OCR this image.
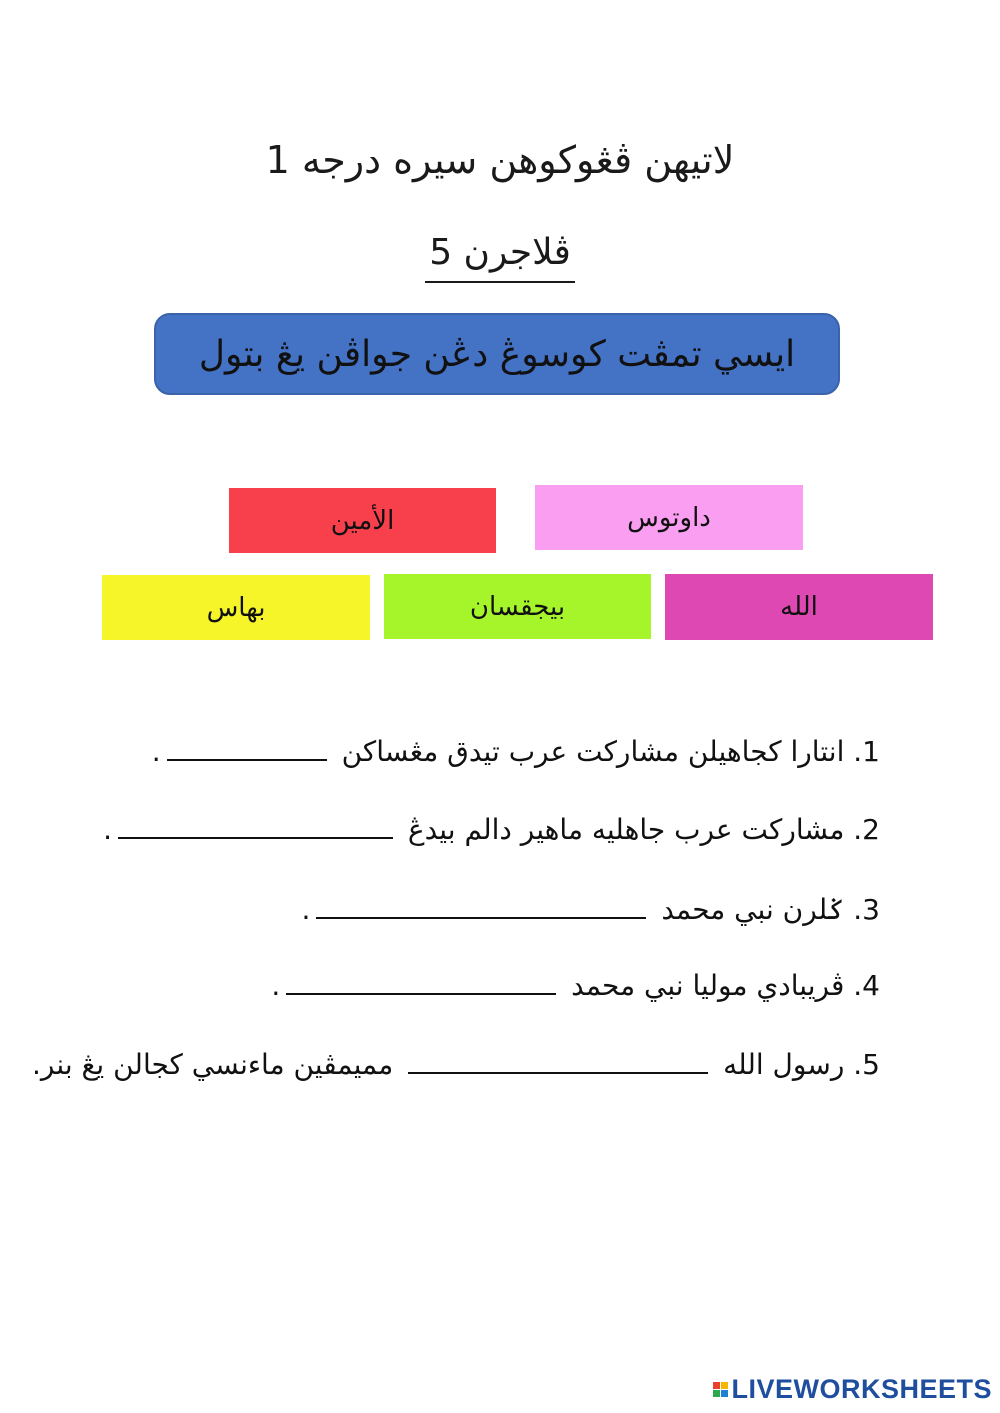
لاتيهن ڤڠوكوهن سيره درجه 1
ڤلاجرن 5
ايسي تمڤت كوسوڠ دڠن جواڤن يڠ بتول
الأمين	داوتوس
بهاس	بيجقسان	الله
1. انتارا كجاهيلن مشاركت عرب تيدق مڠساكن .
2. مشاركت عرب جاهليه ماهير دالم بيدڠ .
3. ݢلرن نبي محمد .
4. ڤريبادي موليا نبي محمد .
5. رسول الله  مميمڤين ماءنسي كجالن يڠ بنر.
LIVEWORKSHEETS
